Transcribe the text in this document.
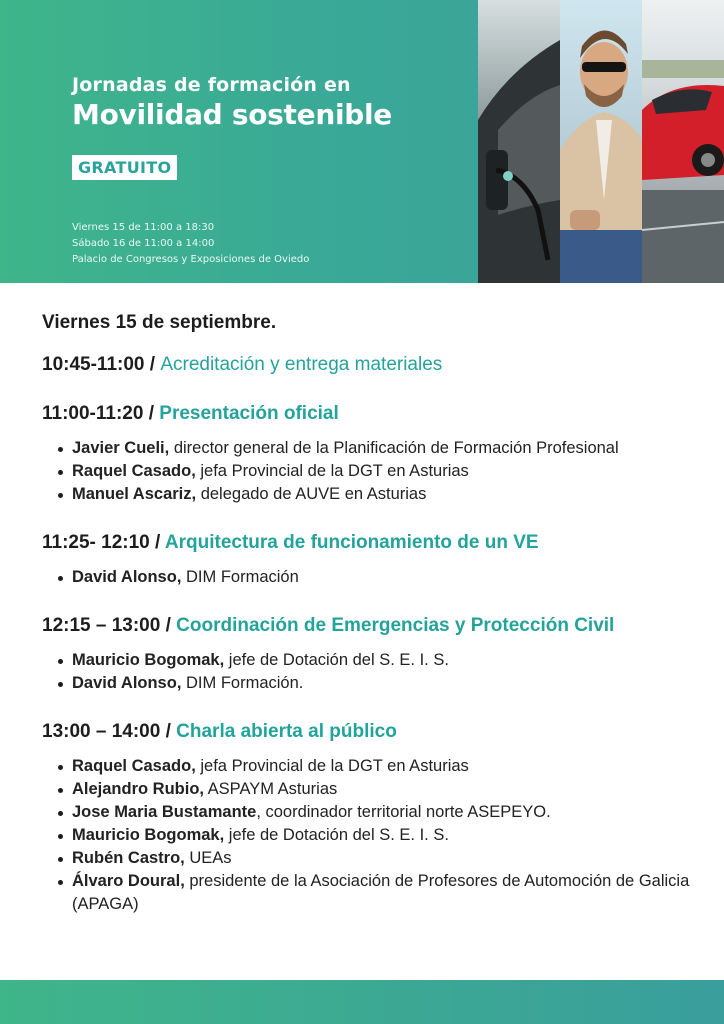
Jornadas de formación en
Movilidad sostenible
GRATUITO
Viernes 15 de 11:00 a 18:30
Sábado 16 de 11:00 a 14:00
Palacio de Congresos y Exposiciones de Oviedo
Viernes 15 de septiembre.
10:45-11:00 / Acreditación y entrega materiales
11:00-11:20 / Presentación oficial
Javier Cueli, director general de la Planificación de Formación Profesional
Raquel Casado, jefa Provincial de la DGT en Asturias
Manuel Ascariz, delegado de AUVE en Asturias
11:25- 12:10 / Arquitectura de funcionamiento de un VE
David Alonso, DIM Formación
12:15 – 13:00 / Coordinación de Emergencias y Protección Civil
Mauricio Bogomak, jefe de Dotación del S. E. I. S.
David Alonso, DIM Formación.
13:00 – 14:00 / Charla abierta al público
Raquel Casado, jefa Provincial de la DGT en Asturias
Alejandro Rubio, ASPAYM Asturias
Jose Maria Bustamante, coordinador territorial norte ASEPEYO.
Mauricio Bogomak, jefe de Dotación del S. E. I. S.
Rubén Castro, UEAs
Álvaro Doural, presidente de la Asociación de Profesores de Automoción de Galicia (APAGA)
